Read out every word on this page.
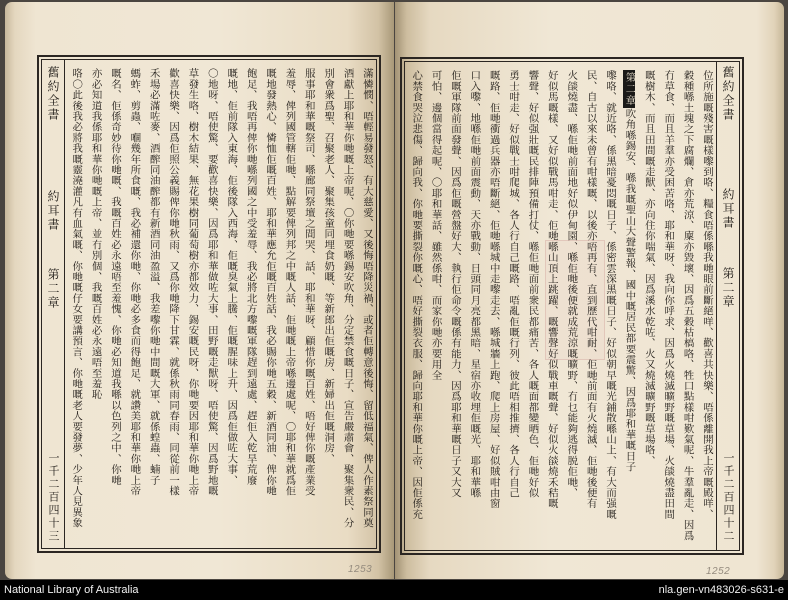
舊約全書
約耳書
第二章
一千二百四十三	滿憐憫、唔輕易發怒、有大慈愛、又後悔唔降災禍、或者佢轉意後悔、留低福氣、俾人作素祭同奠
酒獻上耶和華你哋嘅上帝呢、〇你哋要喺錫安吹角、分定禁食嘅日子、宣告嚴肅會、聚集衆民、分
別會衆爲聖、召聚老人、聚集孩童同埋食奶嘅、等新郎出佢嘅房、新婦出佢嘅洞房、
服事耶和華嘅祭司、喺廊同祭壇之間哭、話、耶和華呀、顧惜你嘅百姓、唔好俾你嘅產業受
羞辱、俾列國管轄佢哋、點解要俾列邦之中嘅人話、佢哋嘅上帝喺邊處呢、〇耶和華就爲佢
嘅地發熱心、憐恤佢嘅百姓、耶和華應允佢嘅百姓話、我必賜你哋五穀、新酒同油、俾你哋
飽足、我唔再俾你哋喺列國之中受羞辱、我必將北方嚟嘅軍隊趕到遠處、趕佢入乾旱荒廢
嘅地、佢前隊入東海、佢後隊入西海、佢嘅臭氣上騰、佢嘅腥味上升、因爲佢做咗大事、
〇地呀、唔使驚、要歡喜快樂、因爲耶和華做咗大事、田野嘅走獸呀、唔使驚、因爲野地嘅
草發生咯、樹木結果、無花果樹同葡萄樹亦都效力、錫安嘅民呀、你哋要因耶和華你哋上帝
歡喜快樂、因爲佢照公義賜俾你哋秋雨、又爲你哋降下甘霖、就係秋雨同春雨、同從前一樣
禾場必滿咗麥、酒醡同油醡都有新酒同油盈溢、我差嚟你哋中間嘅大軍、就係蝗蟲、蝻子
螞蚱、剪蟲、嗰幾年所食嘅、我必補還你哋、你哋必多食而得飽足、就讚美耶和華你哋上帝
嘅名、佢係奇妙待你哋嘅、我嘅百姓必永遠唔至羞愧、你哋必知道我喺以色列之中、你哋
亦必知道我係耶和華你哋嘅上帝、並冇別個、我嘅百姓必永遠唔至羞恥
咯〇此後我必將我嘅靈澆灌凡有血氣嘅、你哋嘅仔女要講預言、你哋嘅老人要發夢、少年人見異象
1253
位所施嘅殘害嘅樣嚟到咯、糧食唔係喺我哋眼前斷絕咩、歡喜共快樂、唔係離開我上帝嘅殿咩、
穀種喺土塊之下腐爛、倉亦荒涼、廩亦毀壞、因爲五穀枯槁咯、牲口點樣咁歎氣呢、牛羣亂走、因爲
冇草食、而且羊羣亦受困苦咯、耶和華呀、我向你呼求、因爲火燒滅曠野嘅草場、火燄燒盡田間
嘅樹木、而且田間嘅走獸、亦向住你喘氣、因爲溪水乾咗、火又燒滅曠野嘅草場咯、
第二章吹角喺錫安、喺我嘅聖山大聲警報、國中嘅居民都要震驚、因爲耶和華嘅日子
嚟咯、就近咯、係黑暗憂悶嘅日子、係密雲深黑嘅日子、好似朝早嘅光鋪散喺山上、有大而强嘅
民、自古以來未曾有咁樣嘅、以後亦唔再有、直到歷代咁耐、佢哋前面有火燒滅、佢哋後便有
火燄燒盡、喺佢哋前面地好似伊甸園、喺佢哋後便就成荒涼嘅曠野、冇乜能夠逃得脱佢哋、
好似馬嘅樣、又好似戰馬咁走、佢哋喺山頂上跳躍、嘅響聲好似戰車嘅聲、好似火燄燒禾秸嘅
響聲、好似强壯嘅民排陣預備打仗、喺佢哋面前衆民都痛苦、各人嘅面都變晒色、佢哋好似
勇士咁走、好似戰士咁爬城、各人行自己嘅路、唔亂佢嘅行列、彼此唔相推擠、各人行自己
嘅路、佢哋衝過兵器亦唔斷絕、佢哋喺城中走嚟走去、喺城牆上跑、爬上房屋、好似賊咁由窗
口入嚟、地喺佢哋前面震動、天亦戰動、日頭同月亮都黑暗、星宿亦收埋佢嘅光、耶和華喺
佢嘅軍隊前面發聲、因爲佢嘅營盤好大、執行佢命令嘅係有能力、因爲耶和華嘅日子又大又
可怕、邊個當得起呢、〇耶和華話、雖然係咁、而家你哋亦要用全
心禁食哭泣悲傷、歸向我、你哋要撕裂你嘅心、唔好撕裂衣服、歸向耶和華你嘅上帝、因佢係充	舊約全書
約耳書
第二章
一千二百四十二
1252
National Library of Australia	nla.gen-vn483026-s631-e
